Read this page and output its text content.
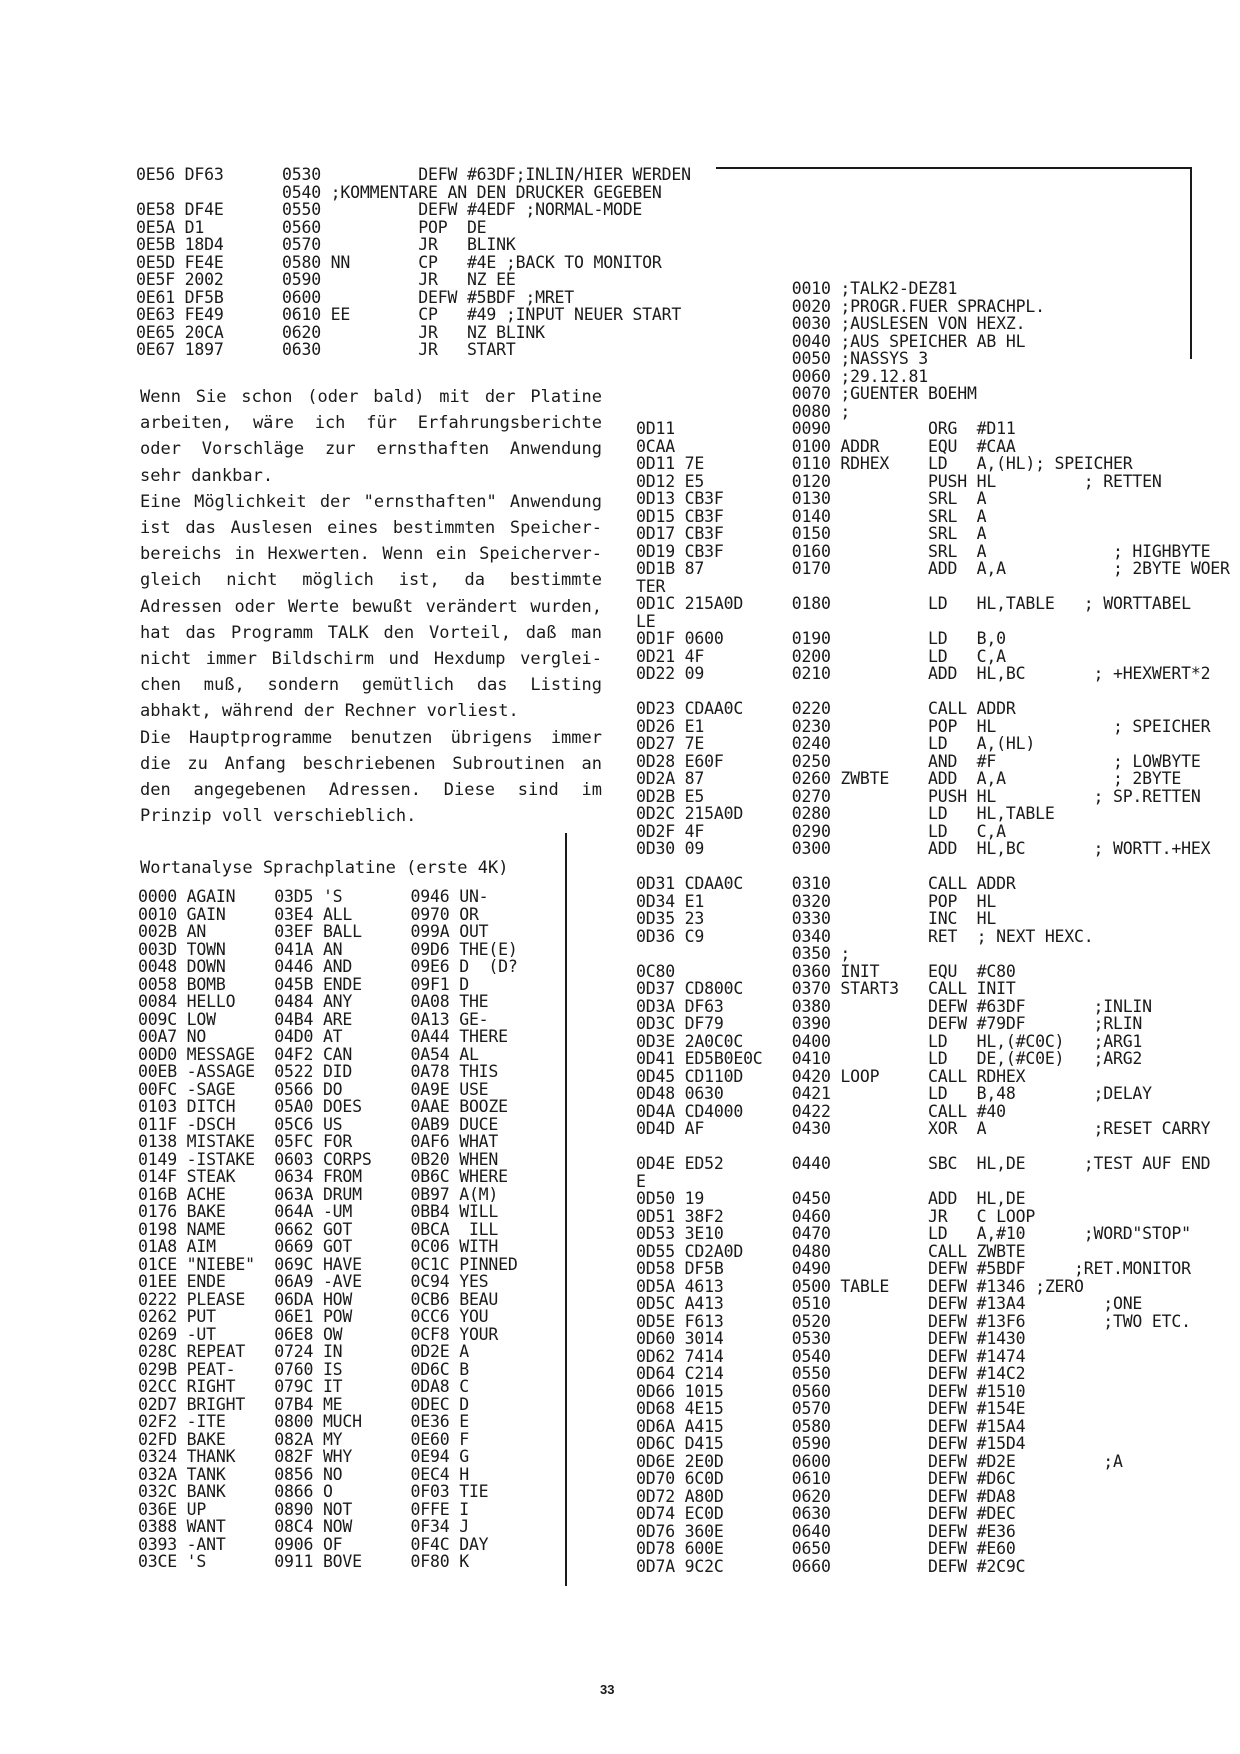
0E56 DF63      0530          DEFW #63DF;INLIN/HIER WERDEN
0540 ;KOMMENTARE AN DEN DRUCKER GEGEBEN
0E58 DF4E      0550          DEFW #4EDF ;NORMAL-MODE
0E5A D1        0560          POP  DE
0E5B 18D4      0570          JR   BLINK
0E5D FE4E      0580 NN       CP   #4E ;BACK TO MONITOR
0E5F 2002      0590          JR   NZ EE
0E61 DF5B      0600          DEFW #5BDF ;MRET
0E63 FE49      0610 EE       CP   #49 ;INPUT NEUER START
0E65 20CA      0620          JR   NZ BLINK
0E67 1897      0630          JR   START

Wenn Sie schon (oder bald) mit der Platine arbeiten, wäre ich für Erfahrungsberichte oder Vorschläge zur ernsthaften Anwendung sehr dankbar.

Eine Möglichkeit der "ernsthaften" Anwendung ist das Auslesen eines bestimmten Speicher-bereichs in Hexwerten. Wenn ein Speicherver-gleich nicht möglich ist, da bestimmte Adressen oder Werte bewußt verändert wurden, hat das Programm TALK den Vorteil, daß man nicht immer Bildschirm und Hexdump verglei-chen muß, sondern gemütlich das Listing abhakt, während der Rechner vorliest.

Die Hauptprogramme benutzen übrigens immer die zu Anfang beschriebenen Subroutinen an den angegebenen Adressen. Diese sind im Prinzip voll verschieblich.

Wortanalyse Sprachplatine (erste 4K)
0000 AGAIN    03D5 'S       0946 UN-
0010 GAIN     03E4 ALL      0970 OR
002B AN       03EF BALL     099A OUT
003D TOWN     041A AN       09D6 THE(E)
0048 DOWN     0446 AND      09E6 D  (D?
0058 BOMB     045B ENDE     09F1 D
0084 HELLO    0484 ANY      0A08 THE
009C LOW      04B4 ARE      0A13 GE-
00A7 NO       04D0 AT       0A44 THERE
00D0 MESSAGE  04F2 CAN      0A54 AL
00EB -ASSAGE  0522 DID      0A78 THIS
00FC -SAGE    0566 DO       0A9E USE
0103 DITCH    05A0 DOES     0AAE BOOZE
011F -DSCH    05C6 US       0AB9 DUCE
0138 MISTAKE  05FC FOR      0AF6 WHAT
0149 -ISTAKE  0603 CORPS    0B20 WHEN
014F STEAK    0634 FROM     0B6C WHERE
016B ACHE     063A DRUM     0B97 A(M)
0176 BAKE     064A -UM      0BB4 WILL
0198 NAME     0662 GOT      0BCA  ILL
01A8 AIM      0669 GOT      0C06 WITH
01CE "NIEBE"  069C HAVE     0C1C PINNED
01EE ENDE     06A9 -AVE     0C94 YES
0222 PLEASE   06DA HOW      0CB6 BEAU
0262 PUT      06E1 POW      0CC6 YOU
0269 -UT      06E8 OW       0CF8 YOUR
028C REPEAT   0724 IN       0D2E A
029B PEAT-    0760 IS       0D6C B
02CC RIGHT    079C IT       0DA8 C
02D7 BRIGHT   07B4 ME       0DEC D
02F2 -ITE     0800 MUCH     0E36 E
02FD BAKE     082A MY       0E60 F
0324 THANK    082F WHY      0E94 G
032A TANK     0856 NO       0EC4 H
032C BANK     0866 O        0F03 TIE
036E UP       0890 NOT      0FFE I
0388 WANT     08C4 NOW      0F34 J
0393 -ANT     0906 OF       0F4C DAY
03CE 'S       0911 BOVE     0F80 K
0010 ;TALK2-DEZ81
0020 ;PROGR.FUER SPRACHPL.
0030 ;AUSLESEN VON HEXZ.
0040 ;AUS SPEICHER AB HL
0050 ;NASSYS 3
0060 ;29.12.81
0070 ;GUENTER BOEHM
0080 ;
0D11            0090          ORG  #D11
0CAA            0100 ADDR     EQU  #CAA
0D11 7E         0110 RDHEX    LD   A,(HL); SPEICHER
0D12 E5         0120          PUSH HL         ; RETTEN
0D13 CB3F       0130          SRL  A
0D15 CB3F       0140          SRL  A
0D17 CB3F       0150          SRL  A
0D19 CB3F       0160          SRL  A             ; HIGHBYTE
0D1B 87         0170          ADD  A,A           ; 2BYTE WOER
TER
0D1C 215A0D     0180          LD   HL,TABLE   ; WORTTABEL
LE
0D1F 0600       0190          LD   B,0
0D21 4F         0200          LD   C,A
0D22 09         0210          ADD  HL,BC       ; +HEXWERT*2

0D23 CDAA0C     0220          CALL ADDR
0D26 E1         0230          POP  HL            ; SPEICHER
0D27 7E         0240          LD   A,(HL)
0D28 E60F       0250          AND  #F            ; LOWBYTE
0D2A 87         0260 ZWBTE    ADD  A,A           ; 2BYTE
0D2B E5         0270          PUSH HL          ; SP.RETTEN
0D2C 215A0D     0280          LD   HL,TABLE
0D2F 4F         0290          LD   C,A
0D30 09         0300          ADD  HL,BC       ; WORTT.+HEX

0D31 CDAA0C     0310          CALL ADDR
0D34 E1         0320          POP  HL
0D35 23         0330          INC  HL
0D36 C9         0340          RET  ; NEXT HEXC.
0350 ;
0C80            0360 INIT     EQU  #C80
0D37 CD800C     0370 START3   CALL INIT
0D3A DF63       0380          DEFW #63DF       ;INLIN
0D3C DF79       0390          DEFW #79DF       ;RLIN
0D3E 2A0C0C     0400          LD   HL,(#C0C)   ;ARG1
0D41 ED5B0E0C   0410          LD   DE,(#C0E)   ;ARG2
0D45 CD110D     0420 LOOP     CALL RDHEX
0D48 0630       0421          LD   B,48        ;DELAY
0D4A CD4000     0422          CALL #40
0D4D AF         0430          XOR  A           ;RESET CARRY

0D4E ED52       0440          SBC  HL,DE      ;TEST AUF END
E
0D50 19         0450          ADD  HL,DE
0D51 38F2       0460          JR   C LOOP
0D53 3E10       0470          LD   A,#10      ;WORD"STOP"
0D55 CD2A0D     0480          CALL ZWBTE
0D58 DF5B       0490          DEFW #5BDF     ;RET.MONITOR
0D5A 4613       0500 TABLE    DEFW #1346 ;ZERO
0D5C A413       0510          DEFW #13A4        ;ONE
0D5E F613       0520          DEFW #13F6        ;TWO ETC.
0D60 3014       0530          DEFW #1430
0D62 7414       0540          DEFW #1474
0D64 C214       0550          DEFW #14C2
0D66 1015       0560          DEFW #1510
0D68 4E15       0570          DEFW #154E
0D6A A415       0580          DEFW #15A4
0D6C D415       0590          DEFW #15D4
0D6E 2E0D       0600          DEFW #D2E         ;A
0D70 6C0D       0610          DEFW #D6C
0D72 A80D       0620          DEFW #DA8
0D74 EC0D       0630          DEFW #DEC
0D76 360E       0640          DEFW #E36
0D78 600E       0650          DEFW #E60
0D7A 9C2C       0660          DEFW #2C9C
33
